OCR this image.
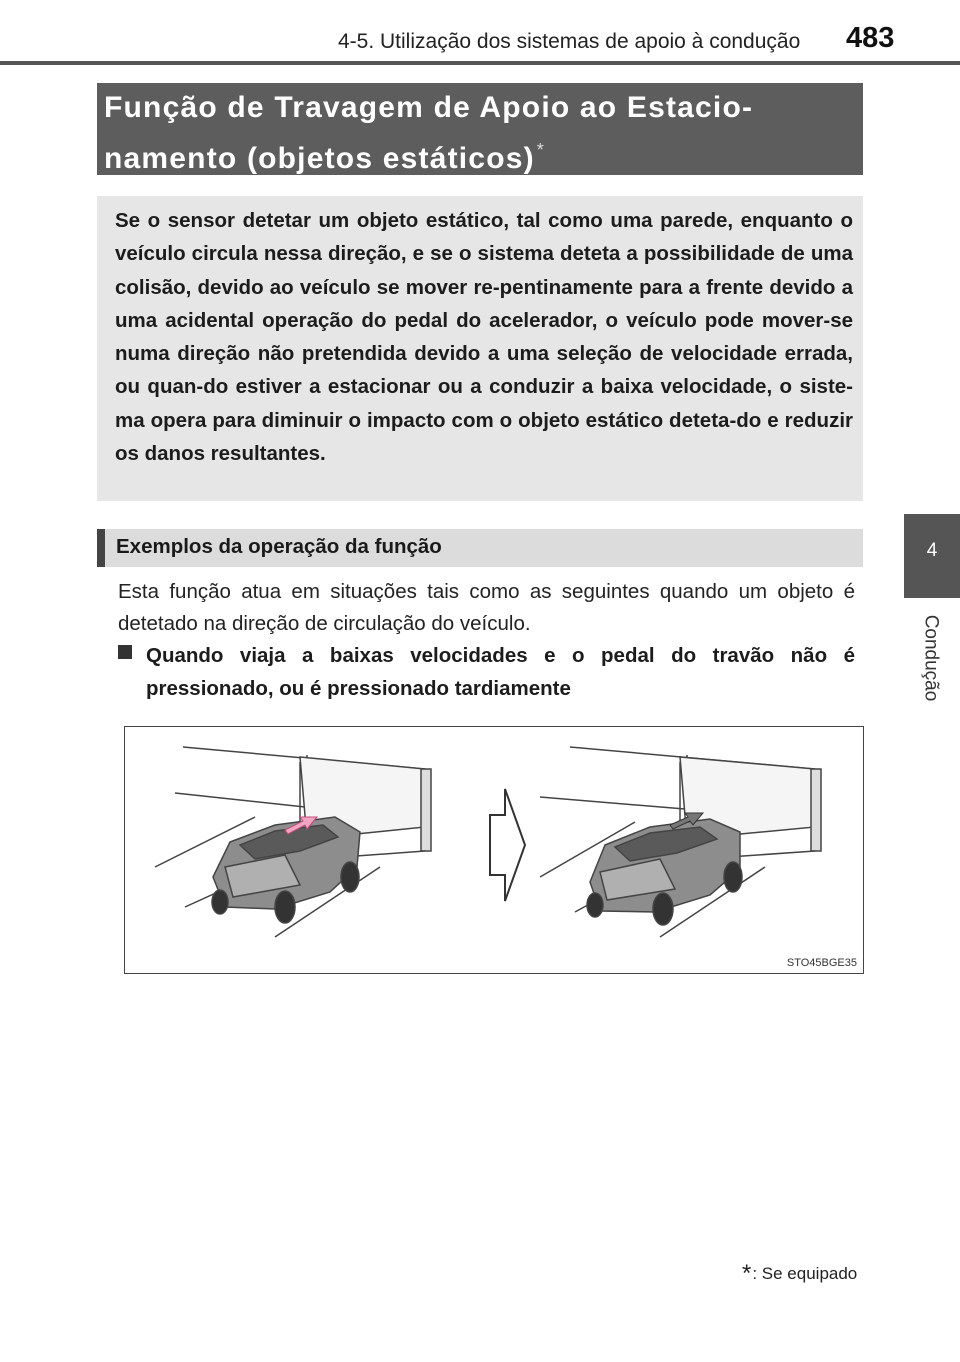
4-5. Utilização dos sistemas de apoio à condução 483
4
Condução
Função de Travagem de Apoio ao Estacio-
namento (objetos estáticos) *
Se o sensor detetar um objeto estático, tal como uma parede, enquanto o veículo circula nessa direção, e se o sistema deteta a possibilidade de uma colisão, devido ao veículo se mover re-pentinamente para a frente devido a uma acidental operação do pedal do acelerador, o veículo pode mover-se numa direção não pretendida devido a uma seleção de velocidade errada, ou quan-do estiver a estacionar ou a conduzir a baixa velocidade, o siste-ma opera para diminuir o impacto com o objeto estático deteta-do e reduzir os danos resultantes.
Exemplos da operação da função
Esta função atua em situações tais como as seguintes quando um objeto é detetado na direção de circulação do veículo.
Quando viaja a baixas velocidades e o pedal do travão não é pressionado, ou é pressionado tardiamente
STO45BGE35
*: Se equipado
